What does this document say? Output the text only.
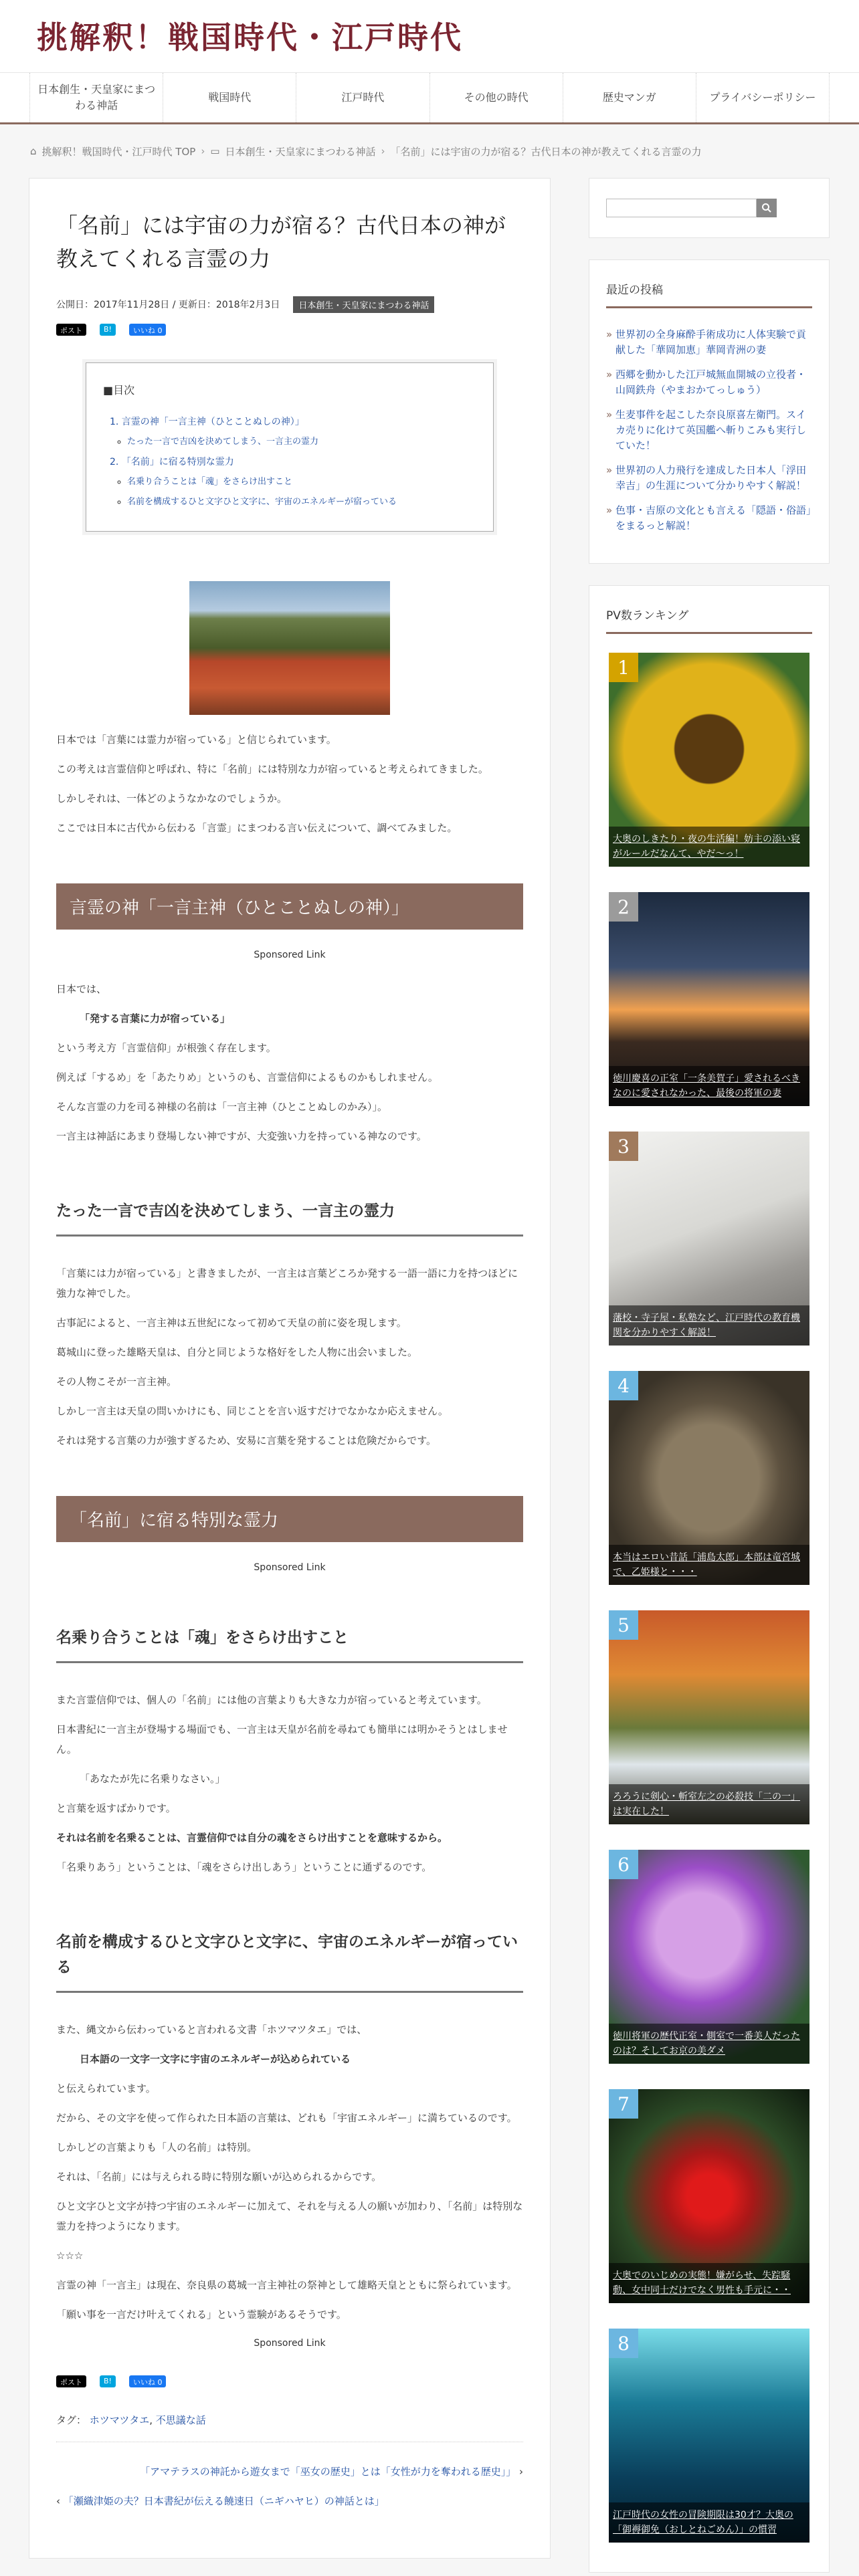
挑解釈！戦国時代・江戸時代
日本創生・天皇家にまつわる神話
戦国時代	江戸時代	その他の時代	歴史マンガ	プライバシーポリシー
⌂ 挑解釈！戦国時代・江戸時代 TOP › ▭ 日本創生・天皇家にまつわる神話 › 「名前」には宇宙の力が宿る？古代日本の神が教えてくれる言霊の力
「名前」には宇宙の力が宿る？古代日本の神が教えてくれる言霊の力
公開日：2017年11月28日 / 更新日：2018年2月3日	日本創生・天皇家にまつわる神話
ポスト	B!	いいね 0
■目次
1. 言霊の神「一言主神（ひとことぬしの神）」
◦ たった一言で吉凶を決めてしまう、一言主の霊力
2. 「名前」に宿る特別な霊力
◦ 名乗り合うことは「魂」をさらけ出すこと
◦ 名前を構成するひと文字ひと文字に、宇宙のエネルギーが宿っている

日本では「言葉には霊力が宿っている」と信じられています。

この考えは言霊信仰と呼ばれ、特に「名前」には特別な力が宿っていると考えられてきました。

しかしそれは、一体どのようなかなのでしょうか。

ここでは日本に古代から伝わる「言霊」にまつわる言い伝えについて、調べてみました。

言霊の神「一言主神（ひとことぬしの神）」
Sponsored Link

日本では、

「発する言葉に力が宿っている」

という考え方「言霊信仰」が根強く存在します。

例えば「するめ」を「あたりめ」というのも、言霊信仰によるものかもしれません。

そんな言霊の力を司る神様の名前は「一言主神（ひとことぬしのかみ）」。

一言主は神話にあまり登場しない神ですが、大変強い力を持っている神なのです。

たった一言で吉凶を決めてしまう、一言主の霊力

「言葉には力が宿っている」と書きましたが、一言主は言葉どころか発する一語一語に力を持つほどに強力な神でした。

古事記によると、一言主神は五世紀になって初めて天皇の前に姿を現します。

葛城山に登った雄略天皇は、自分と同じような格好をした人物に出会いました。

その人物こそが一言主神。

しかし一言主は天皇の問いかけにも、同じことを言い返すだけでなかなか応えません。

それは発する言葉の力が強すぎるため、安易に言葉を発することは危険だからです。

「名前」に宿る特別な霊力
Sponsored Link
名乗り合うことは「魂」をさらけ出すこと

また言霊信仰では、個人の「名前」には他の言葉よりも大きな力が宿っていると考えています。

日本書紀に一言主が登場する場面でも、一言主は天皇が名前を尋ねても簡単には明かそうとはしません。

「あなたが先に名乗りなさい。」

と言葉を返すばかりです。

それは名前を名乗ることは、言霊信仰では自分の魂をさらけ出すことを意味するから。

「名乗りあう」ということは、「魂をさらけ出しあう」ということに通ずるのです。

名前を構成するひと文字ひと文字に、宇宙のエネルギーが宿っている

また、縄文から伝わっていると言われる文書「ホツマツタエ」では、

日本語の一文字一文字に宇宙のエネルギーが込められている

と伝えられています。

だから、その文字を使って作られた日本語の言葉は、どれも「宇宙エネルギー」に満ちているのです。

しかしどの言葉よりも「人の名前」は特別。

それは、「名前」には与えられる時に特別な願いが込められるからです。

ひと文字ひと文字が持つ宇宙のエネルギーに加えて、それを与える人の願いが加わり、「名前」は特別な霊力を持つようになります。

☆☆☆

言霊の神「一言主」は現在、奈良県の葛城一言主神社の祭神として雄略天皇とともに祭られています。

「願い事を一言だけ叶えてくれる」という霊験があるそうです。

Sponsored Link
ポスト	B!	いいね 0
タグ： ホツマツタエ, 不思議な話
「アマテラスの神託から遊女まで「巫女の歴史」とは「女性が力を奪われる歴史」」 ›
‹ 「瀬織津姫の夫？日本書紀が伝える饒速日（ニギハヤヒ）の神話とは」
最近の投稿
» 世界初の全身麻酔手術成功に人体実験で貢献した「華岡加恵」華岡青洲の妻
» 西郷を動かした江戸城無血開城の立役者・山岡鉄舟（やまおかてっしゅう）
» 生麦事件を起こした奈良原喜左衛門。スイカ売りに化けて英国艦へ斬りこみも実行していた！
» 世界初の人力飛行を達成した日本人「浮田幸吉」の生涯について分かりやすく解説！
» 色事・吉原の文化とも言える「隠語・俗語」をまるっと解説！
PV数ランキング
1
大奥のしきたり・夜の生活編！妨主の添い寝がルールだなんて、やだ〜っ！
2
徳川慶喜の正室「一条美賀子」愛されるべきなのに愛されなかった、最後の将軍の妻
3
藩校・寺子屋・私塾など、江戸時代の教育機関を分かりやすく解説！
4
本当はエロい昔話「浦島太郎」本部は竜宮城で、乙姫様と・・・
5
ろろうに剣心・斬室左之の必殺技「二の一」は実在した！
6
徳川将軍の歴代正室・側室で一番美人だったのは？そしてお京の美ダメ
7
大奥でのいじめの実態！嫌がらせ、失踪騒動、女中同士だけでなく男性も手元に・・
8
江戸時代の女性の冒険期限は30才？大奥の「御褥御免（おしとねごめん）」の慣習
